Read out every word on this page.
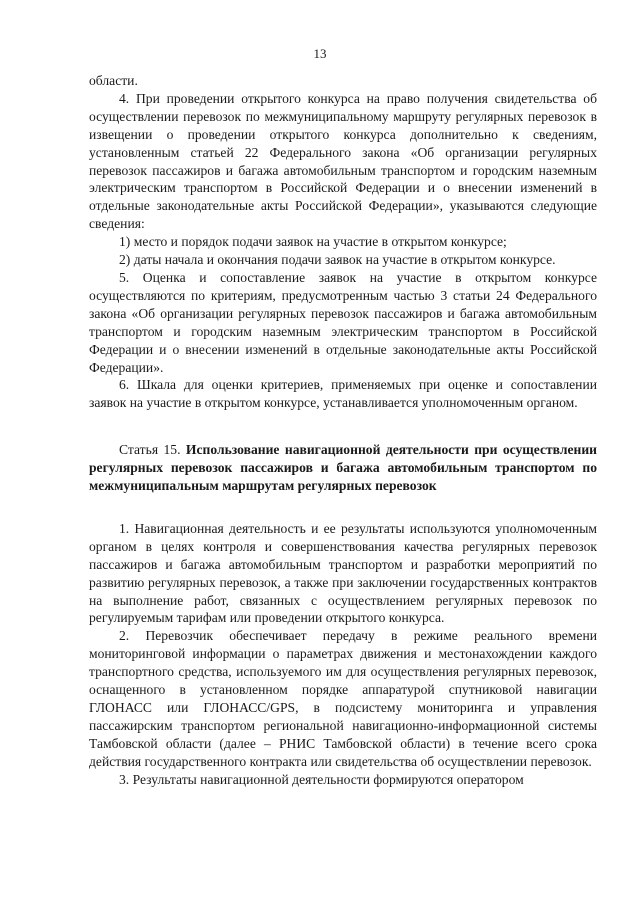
13

области.

4. При проведении открытого конкурса на право получения свидетельства об осуществлении перевозок по межмуниципальному маршруту регулярных перевозок в извещении о проведении открытого конкурса дополнительно к сведениям, установленным статьей 22 Федерального закона «Об организации регулярных перевозок пассажиров и багажа автомобильным транспортом и городским наземным электрическим транспортом в Российской Федерации и о внесении изменений в отдельные законодательные акты Российской Федерации», указываются следующие сведения:

1) место и порядок подачи заявок на участие в открытом конкурсе;

2) даты начала и окончания подачи заявок на участие в открытом конкурсе.

5. Оценка и сопоставление заявок на участие в открытом конкурсе осуществляются по критериям, предусмотренным частью 3 статьи 24 Федерального закона «Об организации регулярных перевозок пассажиров и багажа автомобильным транспортом и городским наземным электрическим транспортом в Российской Федерации и о внесении изменений в отдельные законодательные акты Российской Федерации».

6. Шкала для оценки критериев, применяемых при оценке и сопоставлении заявок на участие в открытом конкурсе, устанавливается уполномоченным органом.

Статья 15. Использование навигационной деятельности при осуществлении регулярных перевозок пассажиров и багажа автомобильным транспортом по межмуниципальным маршрутам регулярных перевозок

1. Навигационная деятельность и ее результаты используются уполномоченным органом в целях контроля и совершенствования качества регулярных перевозок пассажиров и багажа автомобильным транспортом и разработки мероприятий по развитию регулярных перевозок, а также при заключении государственных контрактов на выполнение работ, связанных с осуществлением регулярных перевозок по регулируемым тарифам или проведении открытого конкурса.

2. Перевозчик обеспечивает передачу в режиме реального времени мониторинговой информации о параметрах движения и местонахождении каждого транспортного средства, используемого им для осуществления регулярных перевозок, оснащенного в установленном порядке аппаратурой спутниковой навигации ГЛОНАСС или ГЛОНАСС/GPS, в подсистему мониторинга и управления пассажирским транспортом региональной навигационно-информационной системы Тамбовской области (далее – РНИС Тамбовской области) в течение всего срока действия государственного контракта или свидетельства об осуществлении перевозок.

3. Результаты навигационной деятельности формируются оператором
